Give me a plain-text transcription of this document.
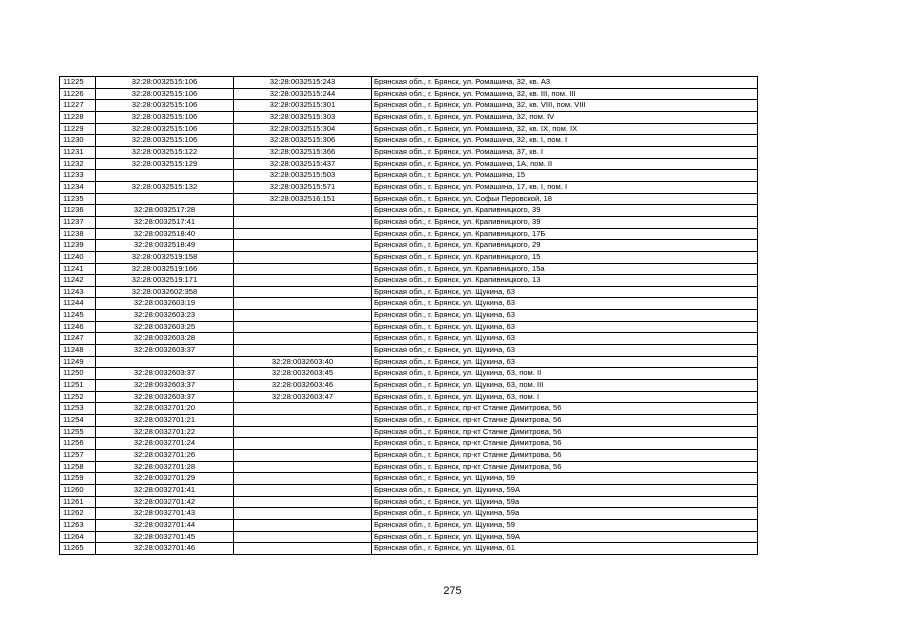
11225	32:28:0032515:106	32:28:0032515:243	Брянская обл., г. Брянск, ул. Ромашина, 32, кв. А3
11226	32:28:0032515:106	32:28:0032515:244	Брянская обл., г. Брянск, ул. Ромашина, 32, кв. III, пом. III
11227	32:28:0032515:106	32:28:0032515:301	Брянская обл., г. Брянск, ул. Ромашина, 32, кв. VIII, пом. VIII
11228	32:28:0032515:106	32:28:0032515:303	Брянская обл., г. Брянск, ул. Ромашина, 32, пом. IV
11229	32:28:0032515:106	32:28:0032515:304	Брянская обл., г. Брянск, ул. Ромашина, 32, кв. IX, пом. IX
11230	32:28:0032515:106	32:28:0032515:306	Брянская обл., г. Брянск, ул. Ромашина, 32, кв. I, пом. I
11231	32:28:0032515:122	32:28:0032515:366	Брянская обл., г. Брянск, ул. Ромашина, 37, кв. I
11232	32:28:0032515:129	32:28:0032515:437	Брянская обл., г. Брянск, ул. Ромашина, 1А, пом. II
11233		32:28:0032515:503	Брянская обл., г. Брянск, ул. Ромашина, 15
11234	32:28:0032515:132	32:28:0032515:571	Брянская обл., г. Брянск, ул. Ромашина, 17, кв. I, пом. I
11235		32:28:0032516:151	Брянская обл., г. Брянск, ул. Софьи Перовской, 18
11236	32:28:0032517:28		Брянская обл., г. Брянск, ул. Крапивницкого, 39
11237	32:28:0032517:41		Брянская обл., г. Брянск, ул. Крапивницкого, 39
11238	32:28:0032518:40		Брянская обл., г. Брянск, ул. Крапивницкого, 17Б
11239	32:28:0032518:49		Брянская обл., г. Брянск, ул. Крапивницкого, 29
11240	32:28:0032519:158		Брянская обл., г. Брянск, ул. Крапивницкого, 15
11241	32:28:0032519:166		Брянская обл., г. Брянск, ул. Крапивницкого, 15а
11242	32:28:0032519:171		Брянская обл., г. Брянск, ул. Крапивницкого, 13
11243	32:28:0032602:358		Брянская обл., г. Брянск, ул. Щукина, 63
11244	32:28:0032603:19		Брянская обл., г. Брянск, ул. Щукина, 63
11245	32:28:0032603:23		Брянская обл., г. Брянск, ул. Щукина, 63
11246	32:28:0032603:25		Брянская обл., г. Брянск, ул. Щукина, 63
11247	32:28:0032603:28		Брянская обл., г. Брянск, ул. Щукина, 63
11248	32:28:0032603:37		Брянская обл., г. Брянск, ул. Щукина, 63
11249		32:28:0032603:40	Брянская обл., г. Брянск, ул. Щукина, 63
11250	32:28:0032603:37	32:28:0032603:45	Брянская обл., г. Брянск, ул. Щукина, 63, пом. II
11251	32:28:0032603:37	32:28:0032603:46	Брянская обл., г. Брянск, ул. Щукина, 63, пом. III
11252	32:28:0032603:37	32:28:0032603:47	Брянская обл., г. Брянск, ул. Щукина, 63, пом. I
11253	32:28:0032701:20		Брянская обл., г. Брянск, пр-кт Станке Димитрова, 56
11254	32:28:0032701:21		Брянская обл., г. Брянск, пр-кт Станке Димитрова, 56
11255	32:28:0032701:22		Брянская обл., г. Брянск, пр-кт Станке Димитрова, 56
11256	32:28:0032701:24		Брянская обл., г. Брянск, пр-кт Станке Димитрова, 56
11257	32:28:0032701:26		Брянская обл., г. Брянск, пр-кт Станке Димитрова, 56
11258	32:28:0032701:28		Брянская обл., г. Брянск, пр-кт Станке Димитрова, 56
11259	32:28:0032701:29		Брянская обл., г. Брянск, ул. Щукина, 59
11260	32:28:0032701:41		Брянская обл., г. Брянск, ул. Щукина, 59А
11261	32:28:0032701:42		Брянская обл., г. Брянск, ул. Щукина, 59а
11262	32:28:0032701:43		Брянская обл., г. Брянск, ул. Щукина, 59а
11263	32:28:0032701:44		Брянская обл., г. Брянск, ул. Щукина, 59
11264	32:28:0032701:45		Брянская обл., г. Брянск, ул. Щукина, 59А
11265	32:28:0032701:46		Брянская обл., г. Брянск, ул. Щукина, 61
275
